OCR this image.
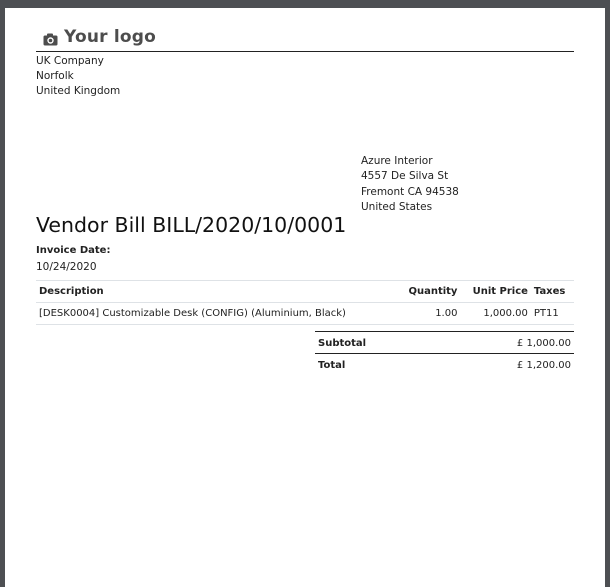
Your logo
UK Company
Norfolk
United Kingdom
Azure Interior
4557 De Silva St
Fremont CA 94538
United States
Vendor Bill BILL/2020/10/0001
Invoice Date:
10/24/2020
Description	Quantity	Unit Price	Taxes
[DESK0004] Customizable Desk (CONFIG) (Aluminium, Black)	1.00	1,000.00	PT11
Subtotal	£ 1,000.00
Total	£ 1,200.00
